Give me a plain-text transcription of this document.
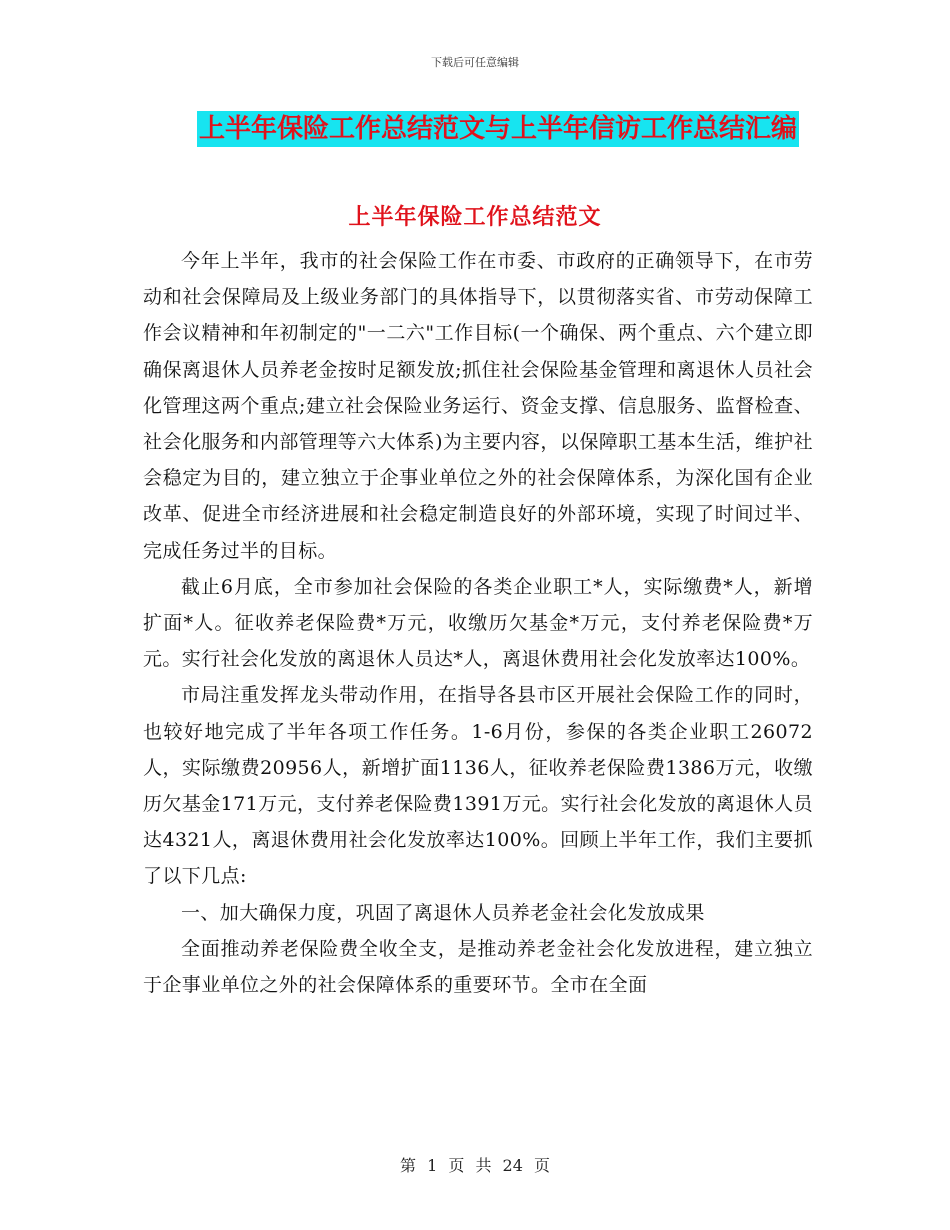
下载后可任意编辑
上半年保险工作总结范文与上半年信访工作总结汇编
上半年保险工作总结范文

今年上半年，我市的社会保险工作在市委、市政府的正确领导下，在市劳动和社会保障局及上级业务部门的具体指导下，以贯彻落实省、市劳动保障工作会议精神和年初制定的"一二六"工作目标(一个确保、两个重点、六个建立即确保离退休人员养老金按时足额发放;抓住社会保险基金管理和离退休人员社会化管理这两个重点;建立社会保险业务运行、资金支撑、信息服务、监督检查、社会化服务和内部管理等六大体系)为主要内容，以保障职工基本生活，维护社会稳定为目的，建立独立于企事业单位之外的社会保障体系，为深化国有企业改革、促进全市经济进展和社会稳定制造良好的外部环境，实现了时间过半、完成任务过半的目标。

截止6月底，全市参加社会保险的各类企业职工*人，实际缴费*人，新增扩面*人。征收养老保险费*万元，收缴历欠基金*万元，支付养老保险费*万元。实行社会化发放的离退休人员达*人，离退休费用社会化发放率达100%。

市局注重发挥龙头带动作用，在指导各县市区开展社会保险工作的同时，也较好地完成了半年各项工作任务。1-6月份，参保的各类企业职工26072人，实际缴费20956人，新增扩面1136人，征收养老保险费1386万元，收缴历欠基金171万元，支付养老保险费1391万元。实行社会化发放的离退休人员达4321人，离退休费用社会化发放率达100%。回顾上半年工作，我们主要抓了以下几点:

一、加大确保力度，巩固了离退休人员养老金社会化发放成果

全面推动养老保险费全收全支，是推动养老金社会化发放进程，建立独立于企事业单位之外的社会保障体系的重要环节。全市在全面

第 1 页 共 24 页
